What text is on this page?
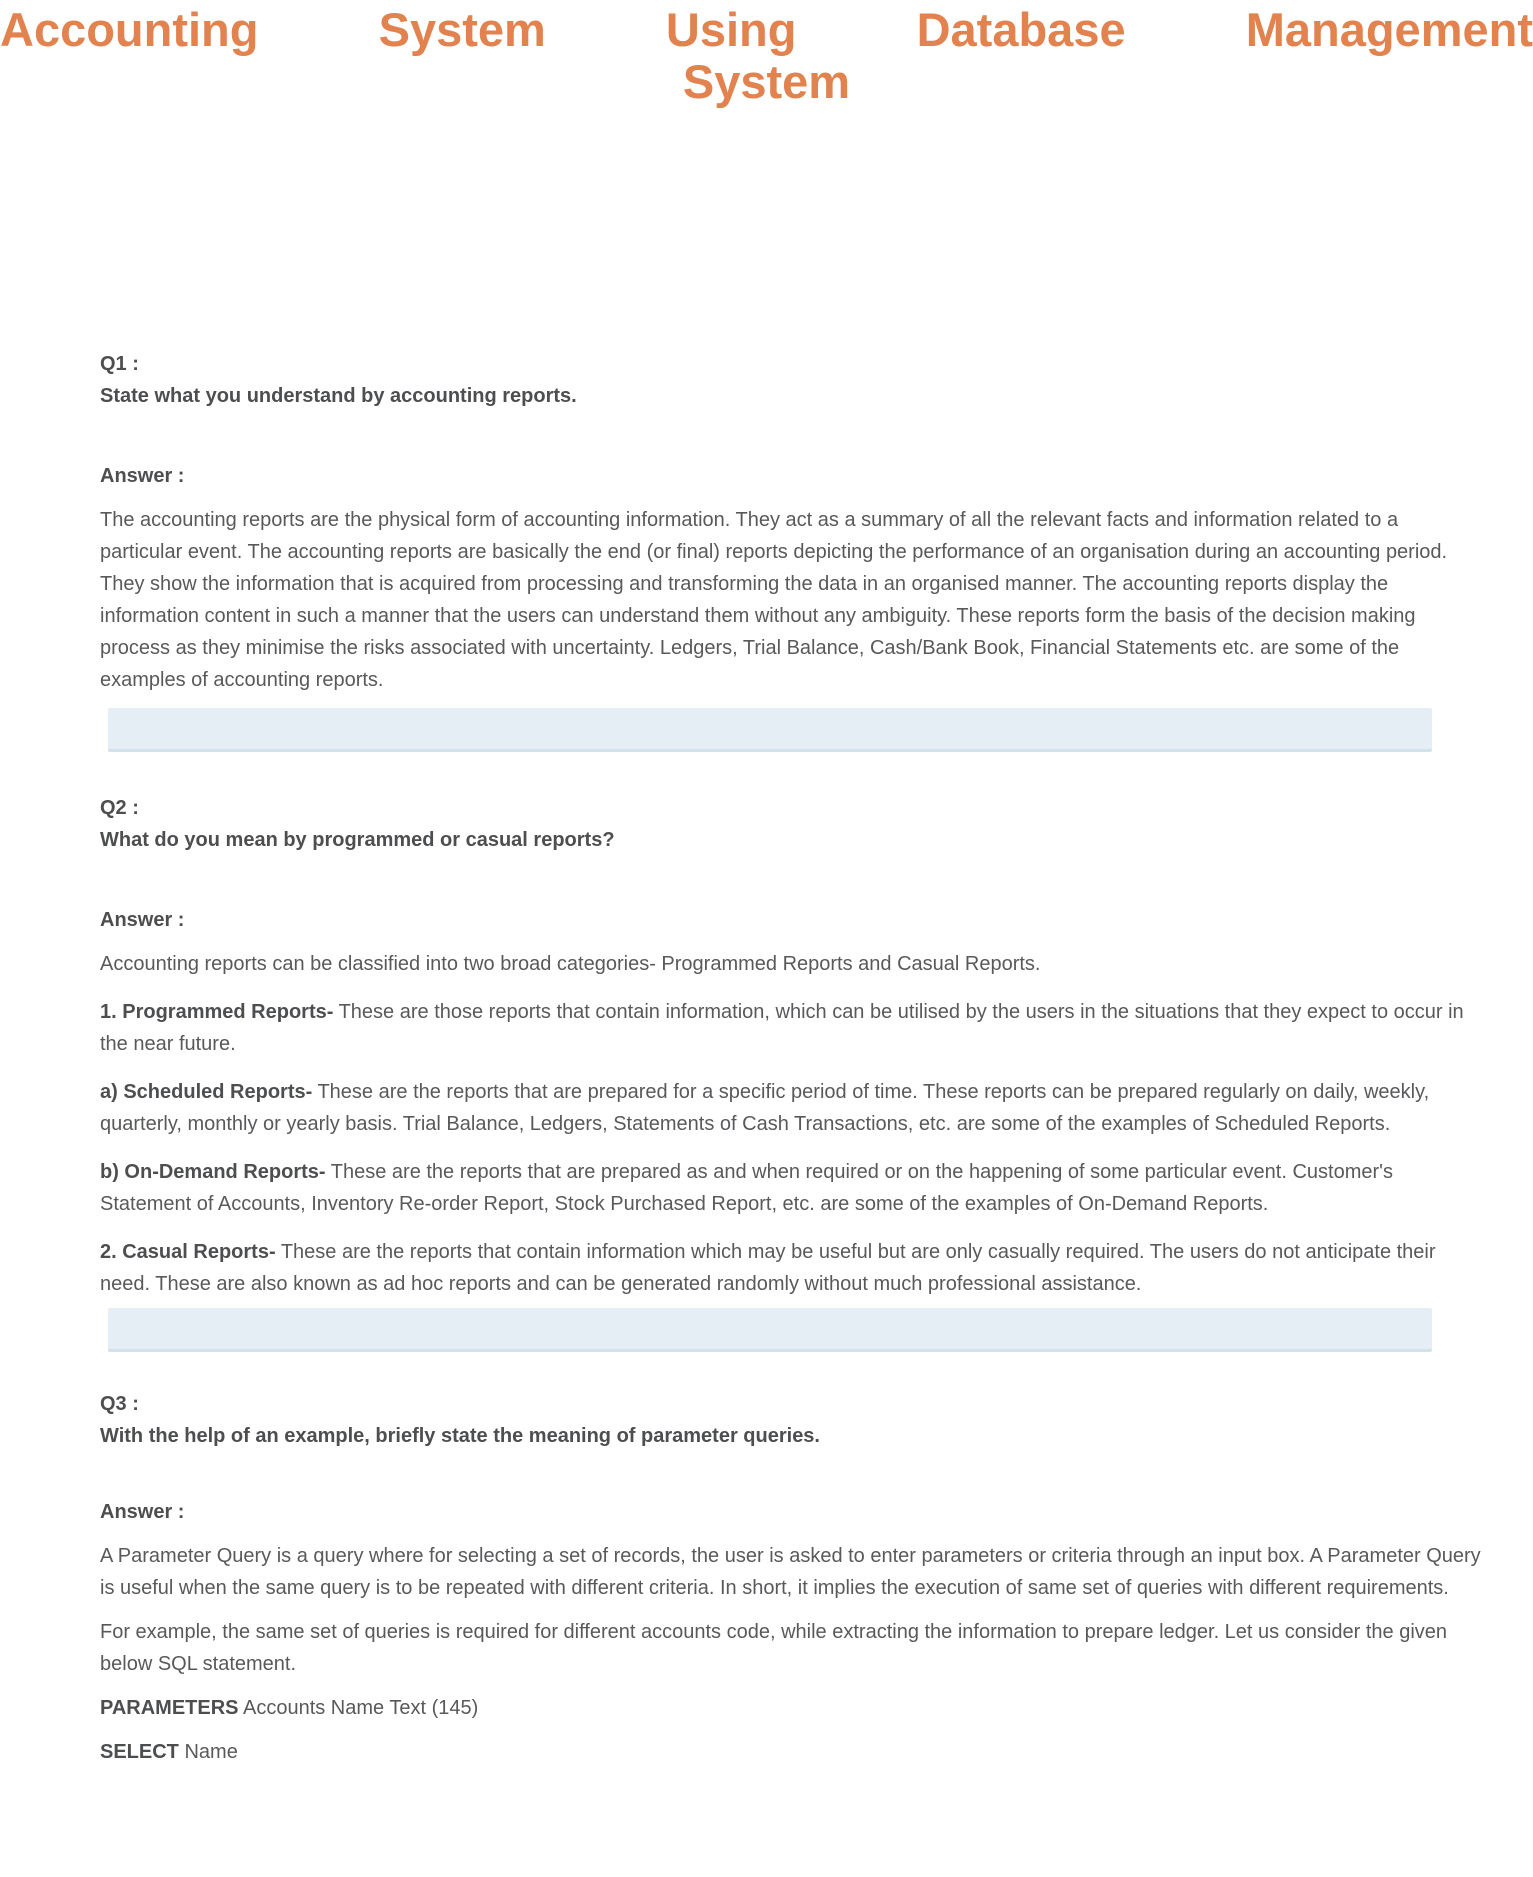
Accounting System Using Database Management
System
Q1 :
State what you understand by accounting reports.
Answer :

The accounting reports are the physical form of accounting information. They act as a summary of all the relevant facts and information related to a particular event. The accounting reports are basically the end (or final) reports depicting the performance of an organisation during an accounting period. They show the information that is acquired from processing and transforming the data in an organised manner. The accounting reports display the information content in such a manner that the users can understand them without any ambiguity. These reports form the basis of the decision making process as they minimise the risks associated with uncertainty. Ledgers, Trial Balance, Cash/Bank Book, Financial Statements etc. are some of the examples of accounting reports.

Q2 :
What do you mean by programmed or casual reports?
Answer :

Accounting reports can be classified into two broad categories- Programmed Reports and Casual Reports.

1. Programmed Reports- These are those reports that contain information, which can be utilised by the users in the situations that they expect to occur in the near future.

a) Scheduled Reports- These are the reports that are prepared for a specific period of time. These reports can be prepared regularly on daily, weekly, quarterly, monthly or yearly basis. Trial Balance, Ledgers, Statements of Cash Transactions, etc. are some of the examples of Scheduled Reports.

b) On-Demand Reports- These are the reports that are prepared as and when required or on the happening of some particular event. Customer's Statement of Accounts, Inventory Re-order Report, Stock Purchased Report, etc. are some of the examples of On-Demand Reports.

2. Casual Reports- These are the reports that contain information which may be useful but are only casually required. The users do not anticipate their need. These are also known as ad hoc reports and can be generated randomly without much professional assistance.

Q3 :
With the help of an example, briefly state the meaning of parameter queries.
Answer :

A Parameter Query is a query where for selecting a set of records, the user is asked to enter parameters or criteria through an input box. A Parameter Query is useful when the same query is to be repeated with different criteria. In short, it implies the execution of same set of queries with different requirements.

For example, the same set of queries is required for different accounts code, while extracting the information to prepare ledger. Let us consider the given below SQL statement.

PARAMETERS Accounts Name Text (145)

SELECT Name
